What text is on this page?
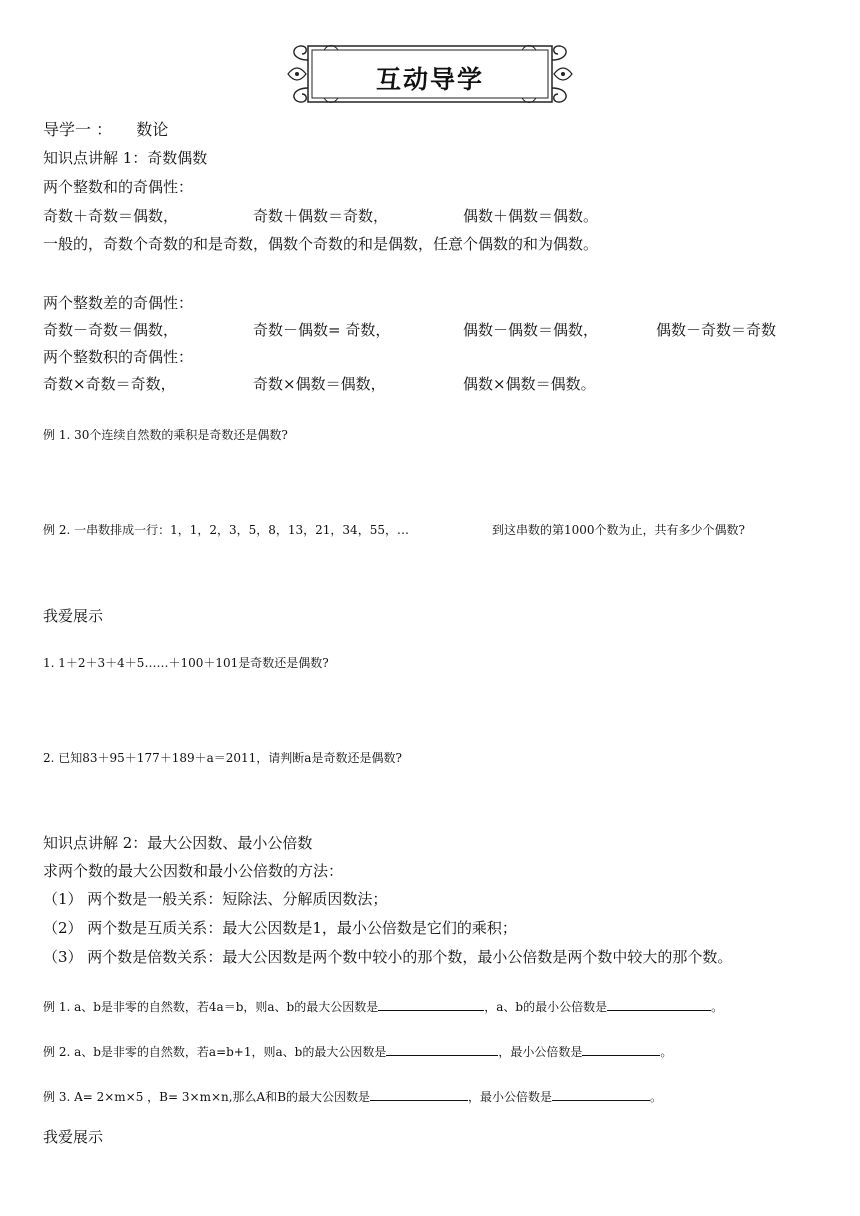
互动导学
导学一 ： 数论
知识点讲解 1：奇数偶数
两个整数和的奇偶性：
奇数＋奇数＝偶数，	奇数＋偶数＝奇数，	偶数＋偶数＝偶数。
一般的，奇数个奇数的和是奇数，偶数个奇数的和是偶数，任意个偶数的和为偶数。
两个整数差的奇偶性：
奇数－奇数＝偶数，	奇数－偶数= 奇数，	偶数－偶数＝偶数，	偶数－奇数＝奇数
两个整数积的奇偶性：
奇数×奇数＝奇数，	奇数×偶数＝偶数，	偶数×偶数＝偶数。
例 1. 30个连续自然数的乘积是奇数还是偶数?
例 2. 一串数排成一行：1，1，2，3，5，8，13，21，34，55，…	到这串数的第1000个数为止，共有多少个偶数?
我爱展示
1. 1＋2＋3＋4＋5……＋100＋101是奇数还是偶数?
2. 已知83＋95＋177＋189＋a＝2011，请判断a是奇数还是偶数?
知识点讲解 2：最大公因数、最小公倍数
求两个数的最大公因数和最小公倍数的方法：
（1） 两个数是一般关系：短除法、分解质因数法；
（2） 两个数是互质关系：最大公因数是1，最小公倍数是它们的乘积；
（3） 两个数是倍数关系：最大公因数是两个数中较小的那个数，最小公倍数是两个数中较大的那个数。
例 1. a、b是非零的自然数，若4a＝b，则a、b的最大公因数是	，a、b的最小公倍数是	。
例 2. a、b是非零的自然数，若a=b+1，则a、b的最大公因数是	，最小公倍数是	。
例 3. A= 2×m×5 ，B= 3×m×n,那么A和B的最大公因数是	，最小公倍数是	。
我爱展示
